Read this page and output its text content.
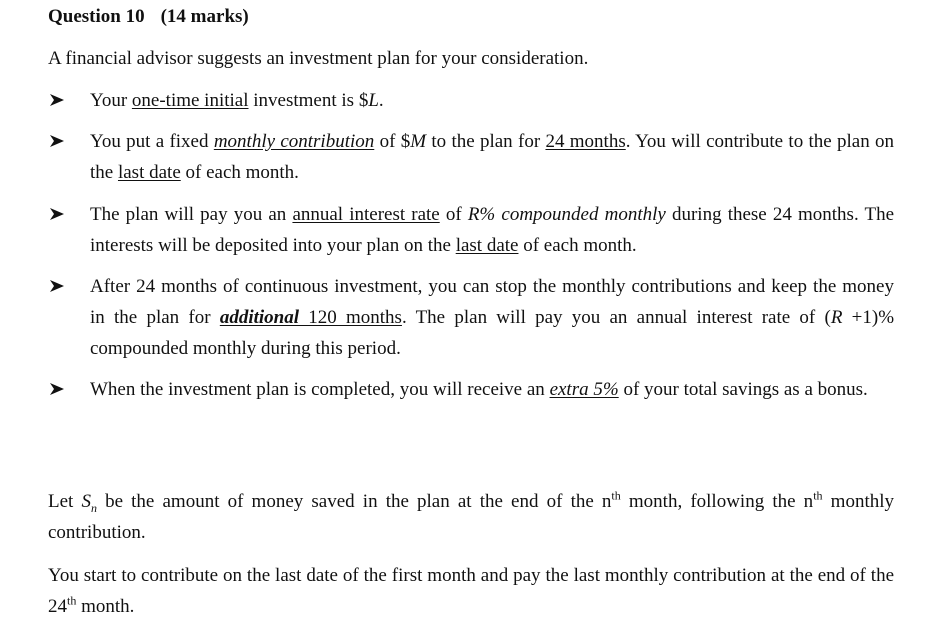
Question 10 (14 marks)

A financial advisor suggests an investment plan for your consideration.

Your one-time initial investment is $L.

You put a fixed monthly contribution of $M to the plan for 24 months. You will contribute to the plan on the last date of each month.

The plan will pay you an annual interest rate of R% compounded monthly during these 24 months. The interests will be deposited into your plan on the last date of each month.

After 24 months of continuous investment, you can stop the monthly contributions and keep the money in the plan for additional 120 months. The plan will pay you an annual interest rate of (R +1)% compounded monthly during this period.

When the investment plan is completed, you will receive an extra 5% of your total savings as a bonus.

Let $S_n$ be the amount of money saved in the plan at the end of the $n^{th}$ month, following the $n^{th}$ monthly contribution.

You start to contribute on the last date of the first month and pay the last monthly contribution at the end of the 24th month.
